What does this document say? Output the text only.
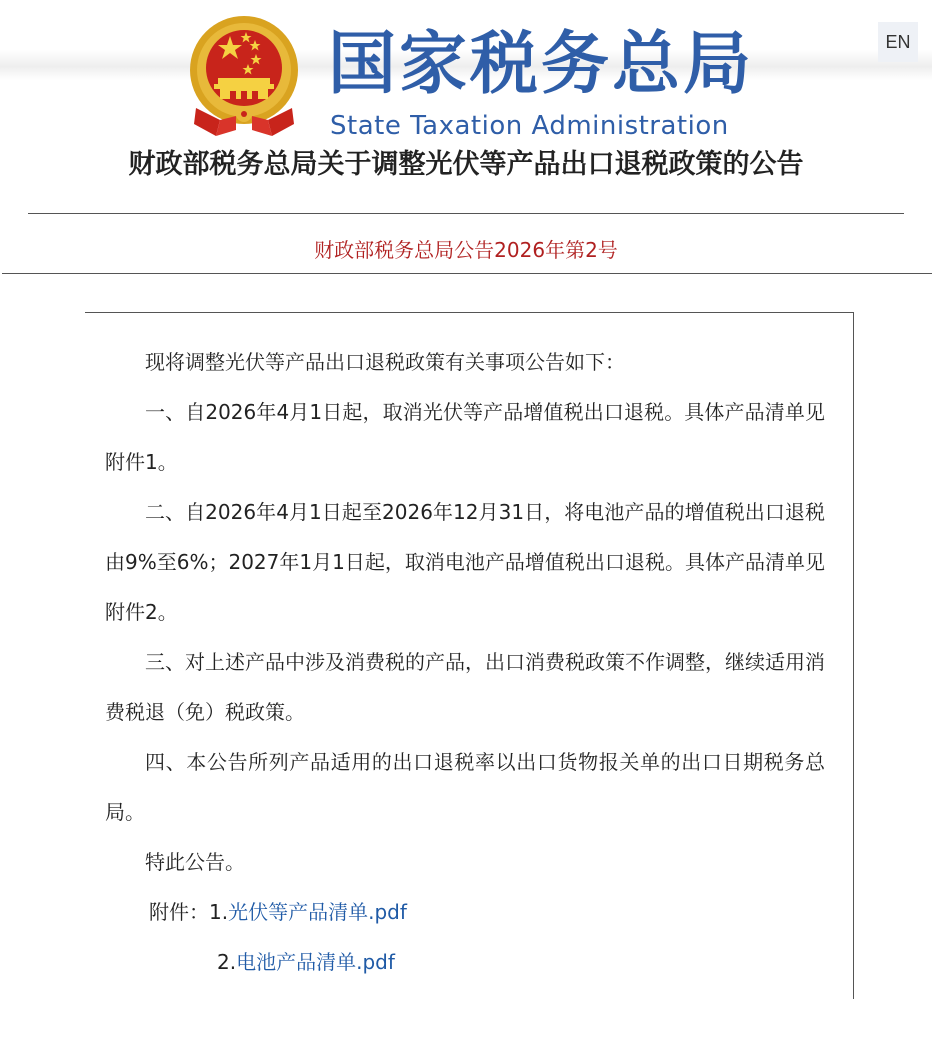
国家税务总局
State Taxation Administration
EN
财政部税务总局关于调整光伏等产品出口退税政策的公告
财政部税务总局公告2026年第2号

现将调整光伏等产品出口退税政策有关事项公告如下：

一、自2026年4月1日起，取消光伏等产品增值税出口退税。具体产品清单见附件1。

二、自2026年4月1日起至2026年12月31日，将电池产品的增值税出口退税由9%至6%；2027年1月1日起，取消电池产品增值税出口退税。具体产品清单见附件2。

三、对上述产品中涉及消费税的产品，出口消费税政策不作调整，继续适用消费税退（免）税政策。

四、本公告所列产品适用的出口退税率以出口货物报关单的出口日期税务总局。

特此公告。

附件：1.光伏等产品清单.pdf
2.电池产品清单.pdf
